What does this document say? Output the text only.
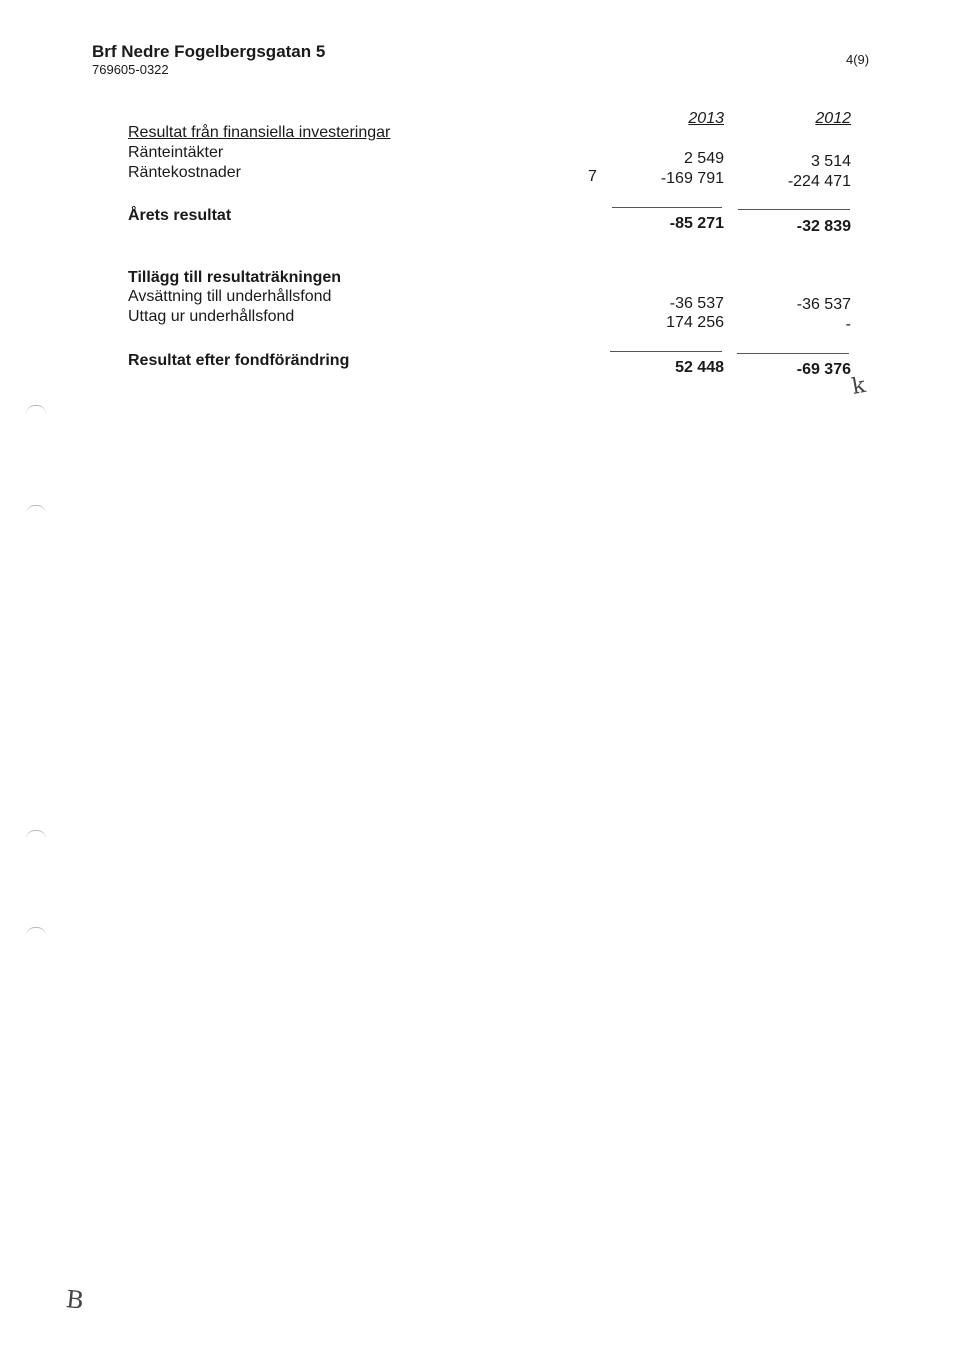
Brf Nedre Fogelbergsgatan 5
769605-0322
4(9)
Resultat från finansiella investeringar
2013	2012
Ränteintäkter	2 549	3 514
Räntekostnader	7	-169 791	-224 471
Årets resultat	-85 271	-32 839
Tillägg till resultaträkningen
Avsättning till underhållsfond	-36 537	-36 537
Uttag ur underhållsfond	174 256	-
Resultat efter fondförändring	52 448	-69 376
k
B
